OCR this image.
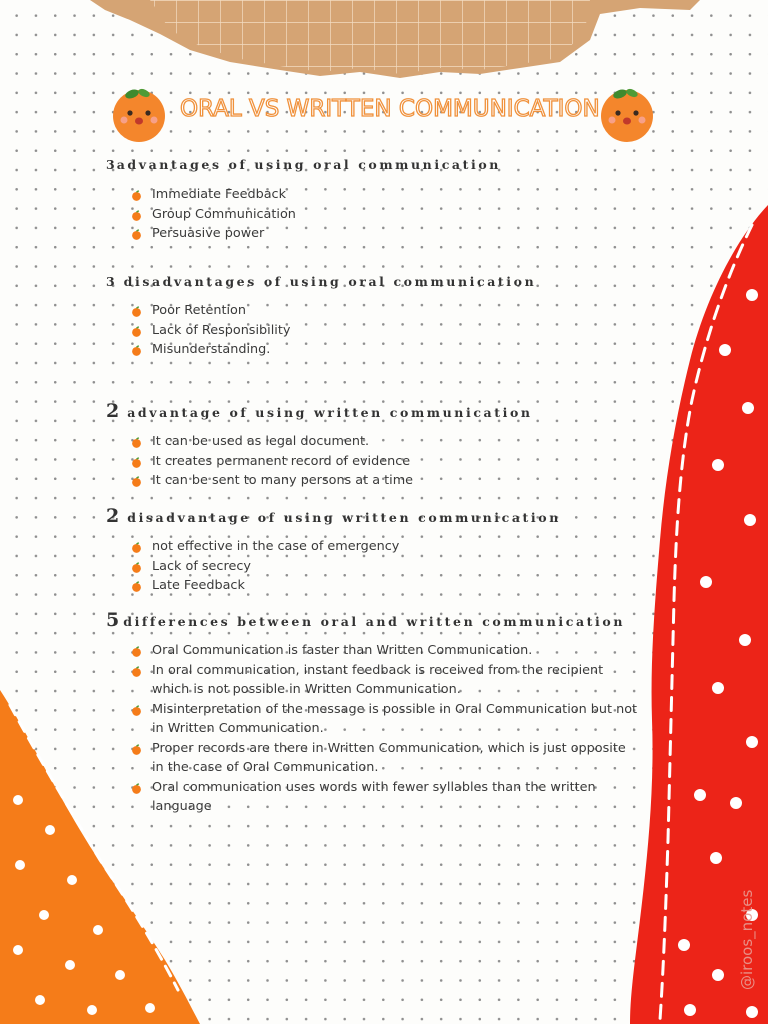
ORAL VS WRITTEN COMMUNICATION
3 advantages of using oral communication
Immediate Feedback
Group Communication
Persuasive power
3 disadvantages of using oral communication
Poor Retention
Lack of Responsibility
Misunderstanding.
2 advantage of using written communication
It can be used as legal document.
It creates permanent record of evidence
It can be sent to many persons at a time
2 disadvantage of using written communication
not effective in the case of emergency
Lack of secrecy
Late Feedback
5 differences between oral and written communication
Oral Communication is faster than Written Communication.
In oral communication, instant feedback is received from the recipient
which is not possible in Written Communication.
Misinterpretation of the message is possible in Oral Communication but not
in Written Communication.
Proper records are there in Written Communication, which is just opposite
in the case of Oral Communication.
Oral communication uses words with fewer syllables than the written
language
@iroos_notes
